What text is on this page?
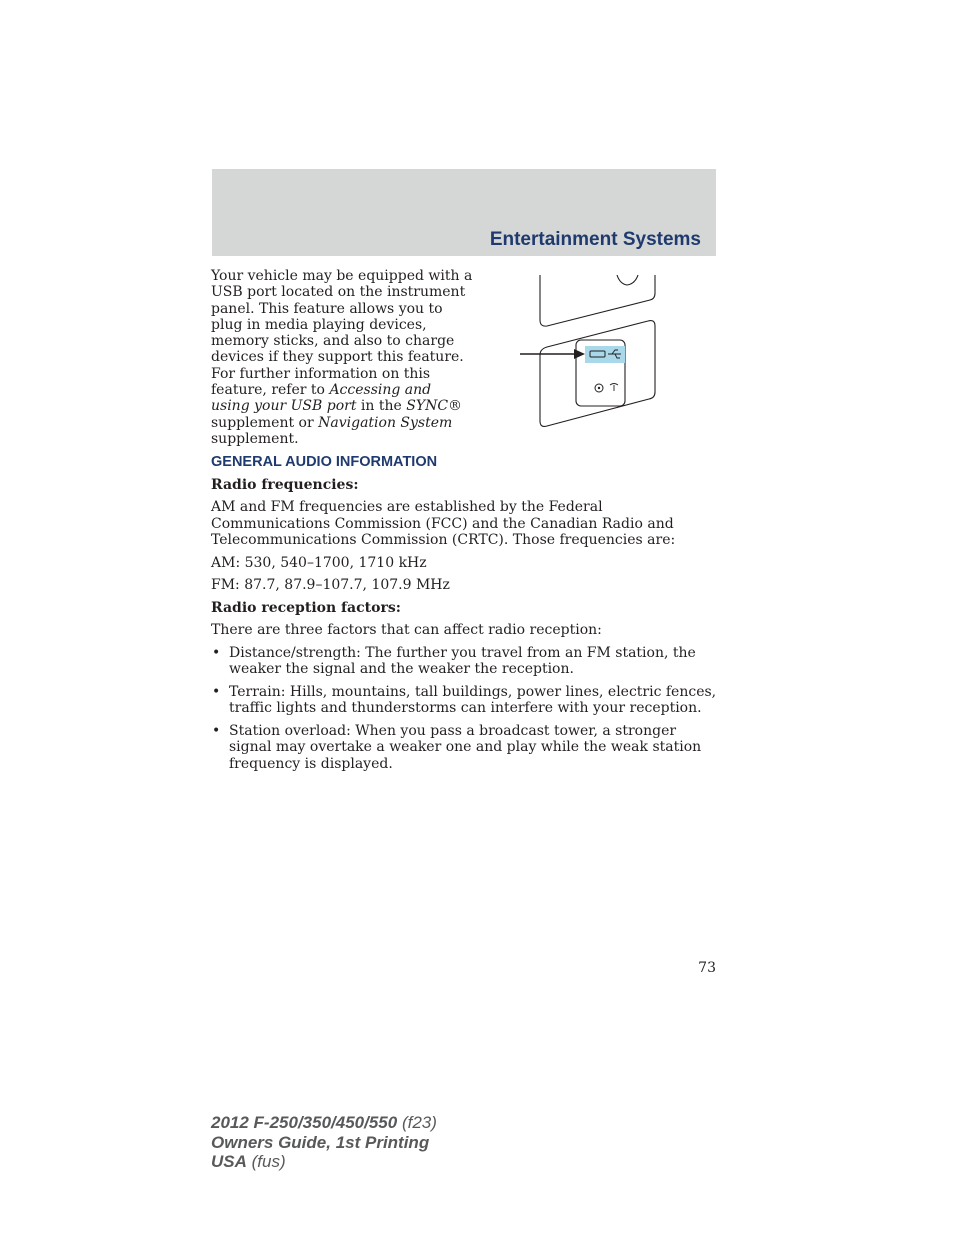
Entertainment Systems
Your vehicle may be equipped with a USB port located on the instrument panel. This feature allows you to plug in media playing devices, memory sticks, and also to charge devices if they support this feature. For further information on this feature, refer to Accessing and using your USB port in the SYNC® supplement or Navigation System supplement.
GENERAL AUDIO INFORMATION

Radio frequencies:

AM and FM frequencies are established by the Federal Communications Commission (FCC) and the Canadian Radio and Telecommunications Commission (CRTC). Those frequencies are:

AM: 530, 540–1700, 1710 kHz

FM: 87.7, 87.9–107.7, 107.9 MHz

Radio reception factors:

There are three factors that can affect radio reception:

• Distance/strength: The further you travel from an FM station, the weaker the signal and the weaker the reception.
• Terrain: Hills, mountains, tall buildings, power lines, electric fences, traffic lights and thunderstorms can interfere with your reception.
• Station overload: When you pass a broadcast tower, a stronger signal may overtake a weaker one and play while the weak station frequency is displayed.
73
2012 F-250/350/450/550 (f23)
Owners Guide, 1st Printing
USA (fus)
